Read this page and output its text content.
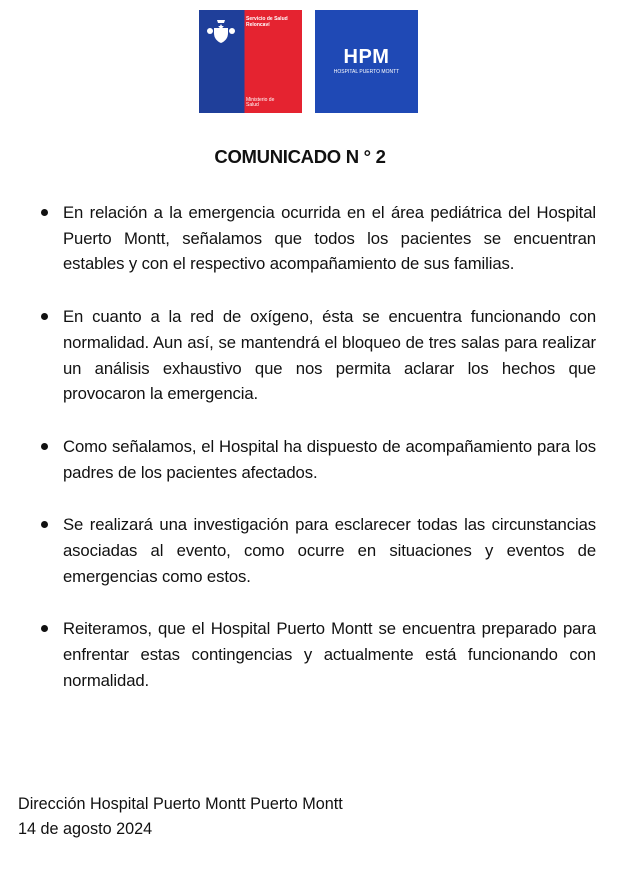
Servicio de Salud
Reloncaví
Ministerio de
Salud
HPM
HOSPITAL PUERTO MONTT
COMUNICADO N ° 2
En relación a la emergencia ocurrida en el área pediátrica del Hospital Puerto Montt, señalamos que todos los pacientes se encuentran estables y con el respectivo acompañamiento de sus familias.
En cuanto a la red de oxígeno, ésta se encuentra funcionando con normalidad. Aun así, se mantendrá el bloqueo de tres salas para realizar un análisis exhaustivo que nos permita aclarar los hechos que provocaron la emergencia.
Como señalamos, el Hospital ha dispuesto de acompañamiento para los padres de los pacientes afectados.
Se realizará una investigación para esclarecer todas las circunstancias asociadas al evento, como ocurre en situaciones y eventos de emergencias como estos.
Reiteramos, que el Hospital Puerto Montt se encuentra preparado para enfrentar estas contingencias y actualmente está funcionando con normalidad.
Dirección Hospital Puerto Montt Puerto Montt
14 de agosto 2024
